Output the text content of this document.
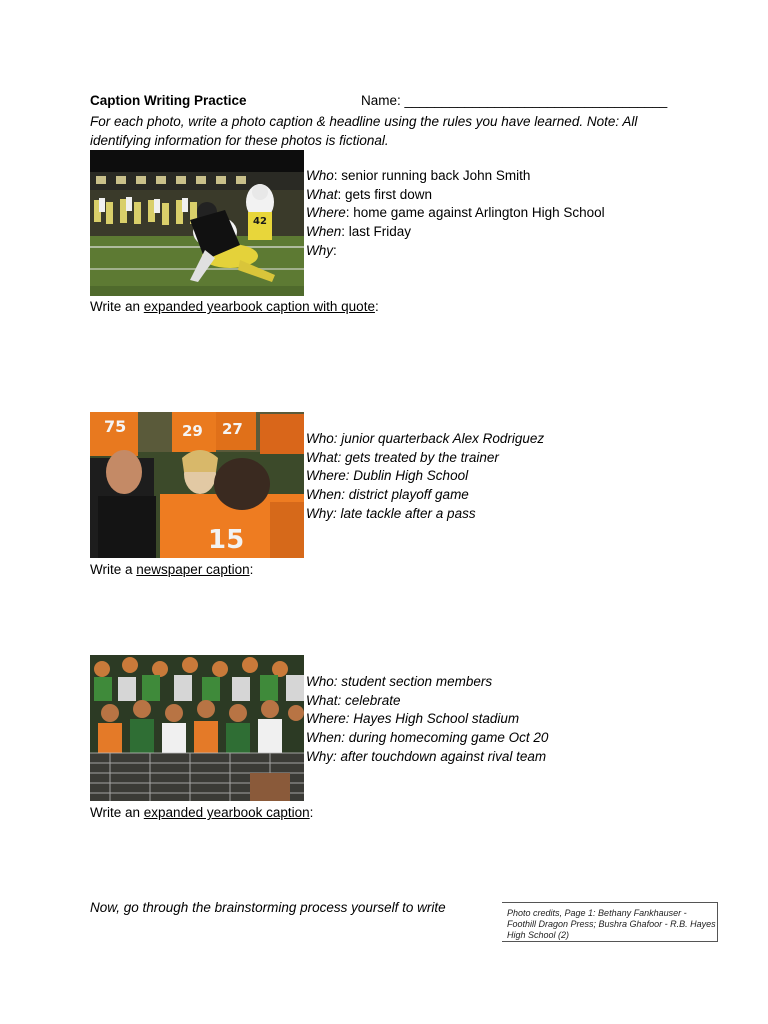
Caption Writing Practice	Name: ___________________________________
For each photo, write a photo caption & headline using the rules you have learned. Note: All identifying information for these photos is fictional.
42
Who: senior running back John Smith
What: gets first down
Where: home game against Arlington High School
When: last Friday
Why:
Write an expanded yearbook caption with quote:
75	29 27
15
Who: junior quarterback Alex Rodriguez
What: gets treated by the trainer
Where: Dublin High School
When: district playoff game
Why: late tackle after a pass
Write a newspaper caption:
Who: student section members
What: celebrate
Where: Hayes High School stadium
When: during homecoming game Oct 20
Why: after touchdown against rival team
Write an expanded yearbook caption:
Now, go through the brainstorming process yourself to write	Photo credits, Page 1: Bethany Fankhauser - Foothill Dragon Press; Bushra Ghafoor - R.B. Hayes High School (2)
